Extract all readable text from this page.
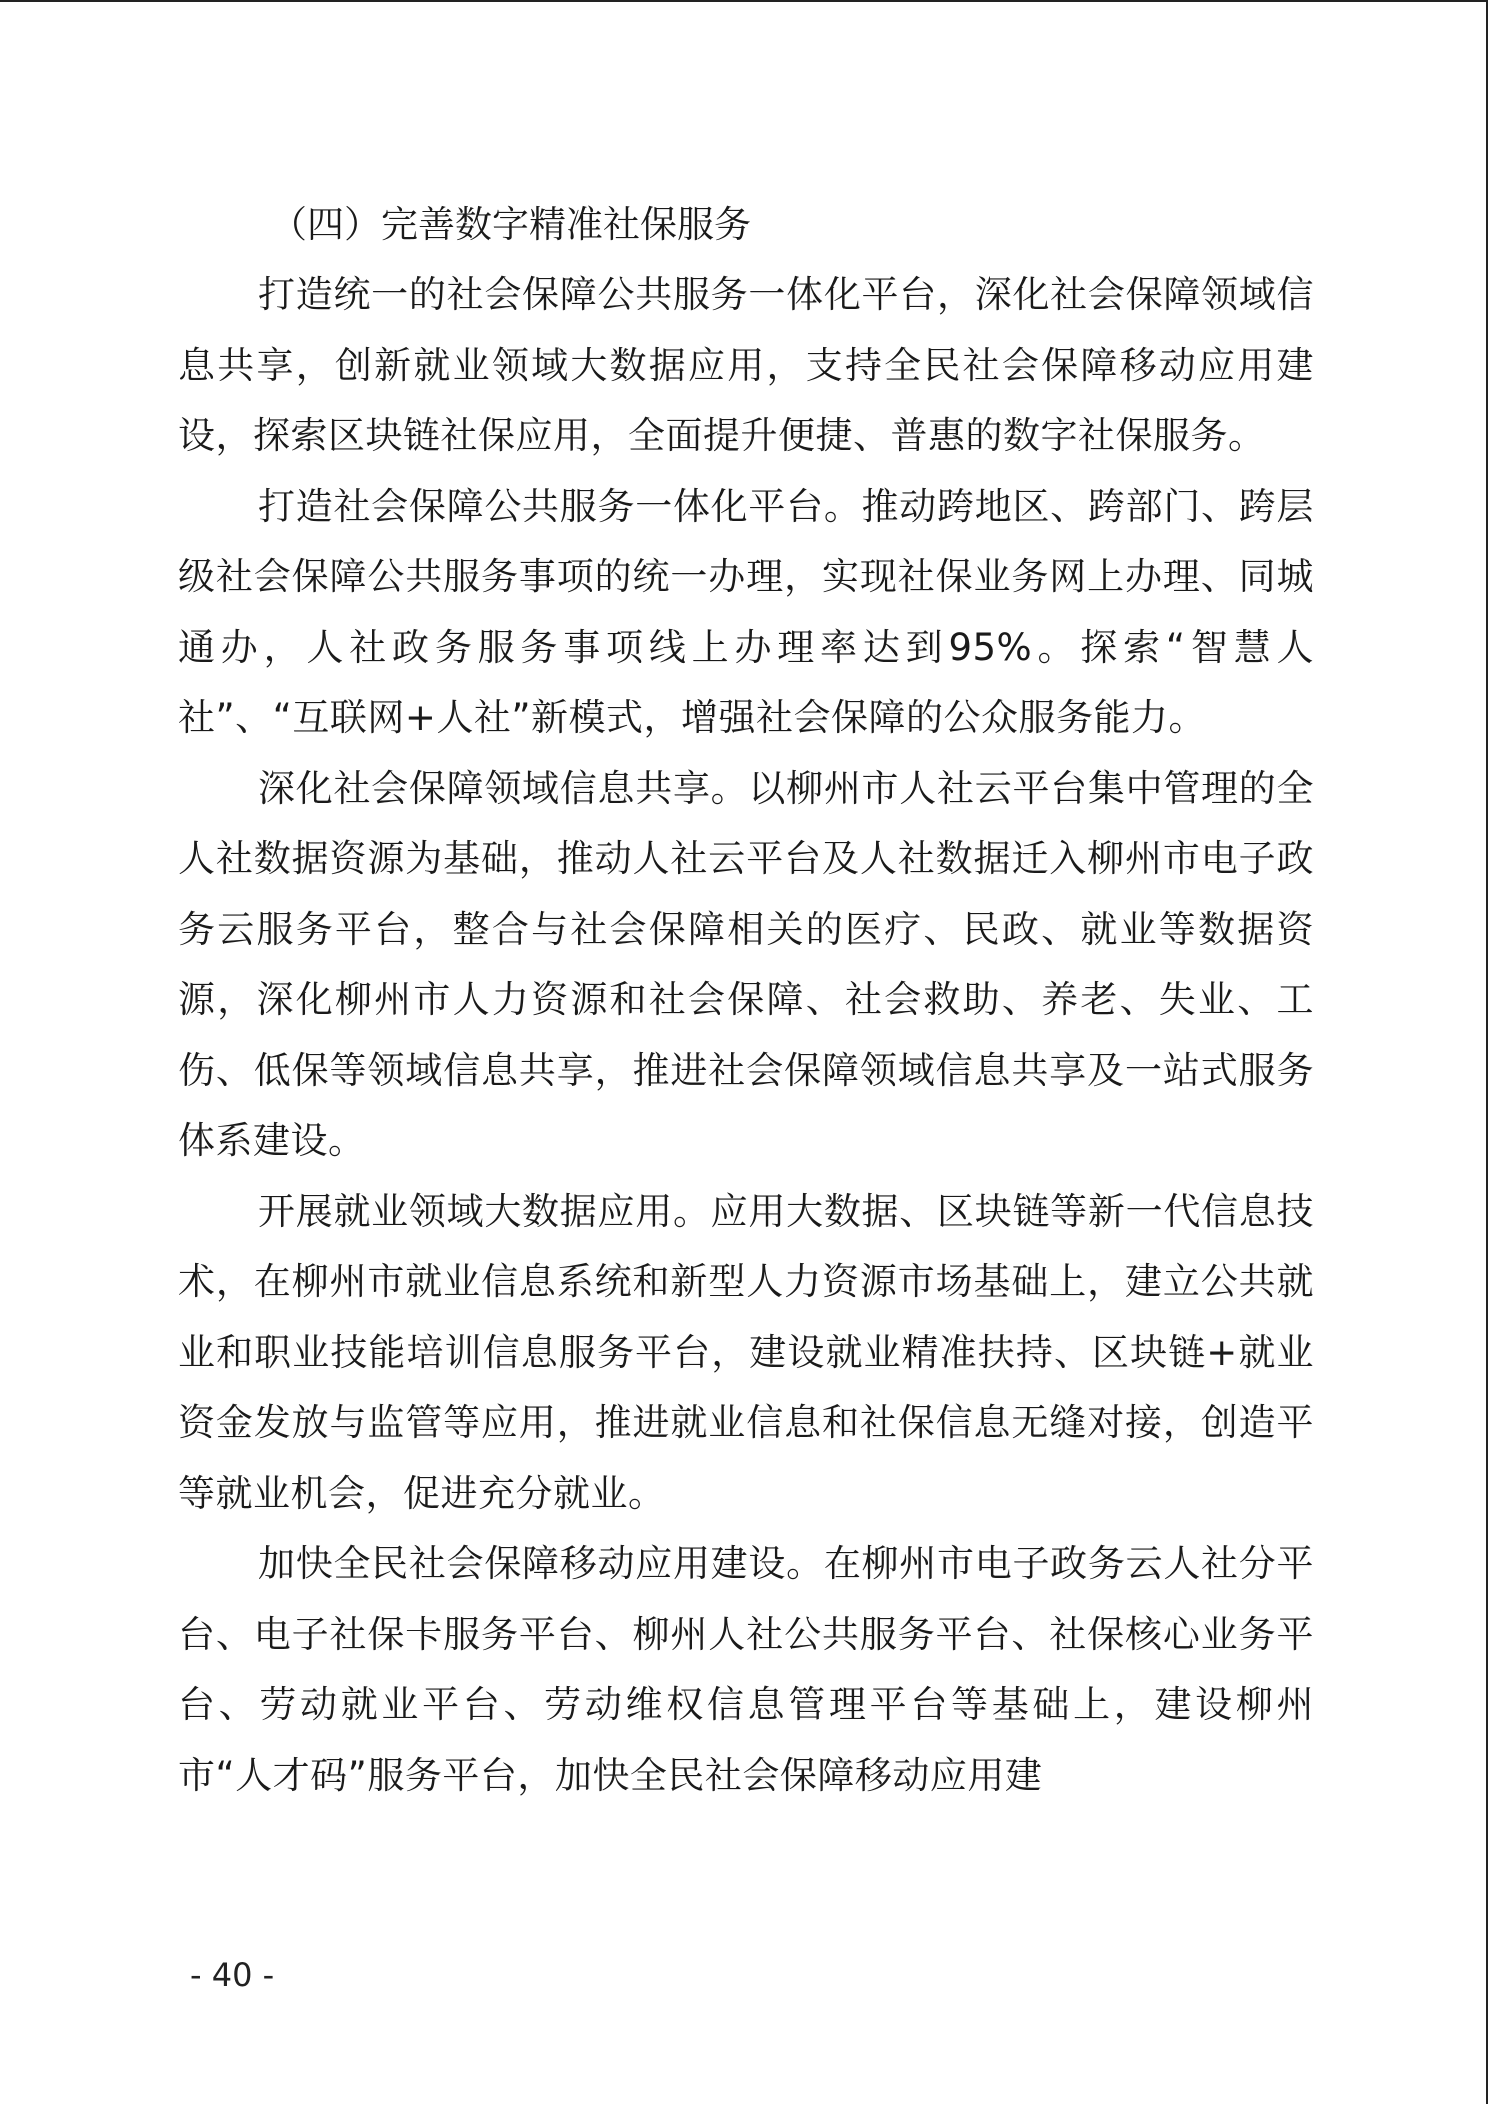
（四）完善数字精准社保服务

打造统一的社会保障公共服务一体化平台，深化社会保障领域信息共享，创新就业领域大数据应用，支持全民社会保障移动应用建设，探索区块链社保应用，全面提升便捷、普惠的数字社保服务。

打造社会保障公共服务一体化平台。推动跨地区、跨部门、跨层级社会保障公共服务事项的统一办理，实现社保业务网上办理、同城通办，人社政务服务事项线上办理率达到95%。探索“智慧人社”、“互联网+人社”新模式，增强社会保障的公众服务能力。

深化社会保障领域信息共享。以柳州市人社云平台集中管理的全人社数据资源为基础，推动人社云平台及人社数据迁入柳州市电子政务云服务平台，整合与社会保障相关的医疗、民政、就业等数据资源，深化柳州市人力资源和社会保障、社会救助、养老、失业、工伤、低保等领域信息共享，推进社会保障领域信息共享及一站式服务体系建设。

开展就业领域大数据应用。应用大数据、区块链等新一代信息技术，在柳州市就业信息系统和新型人力资源市场基础上，建立公共就业和职业技能培训信息服务平台，建设就业精准扶持、区块链+就业资金发放与监管等应用，推进就业信息和社保信息无缝对接，创造平等就业机会，促进充分就业。

加快全民社会保障移动应用建设。在柳州市电子政务云人社分平台、电子社保卡服务平台、柳州人社公共服务平台、社保核心业务平台、劳动就业平台、劳动维权信息管理平台等基础上，建设柳州市“人才码”服务平台，加快全民社会保障移动应用建

- 40 -
